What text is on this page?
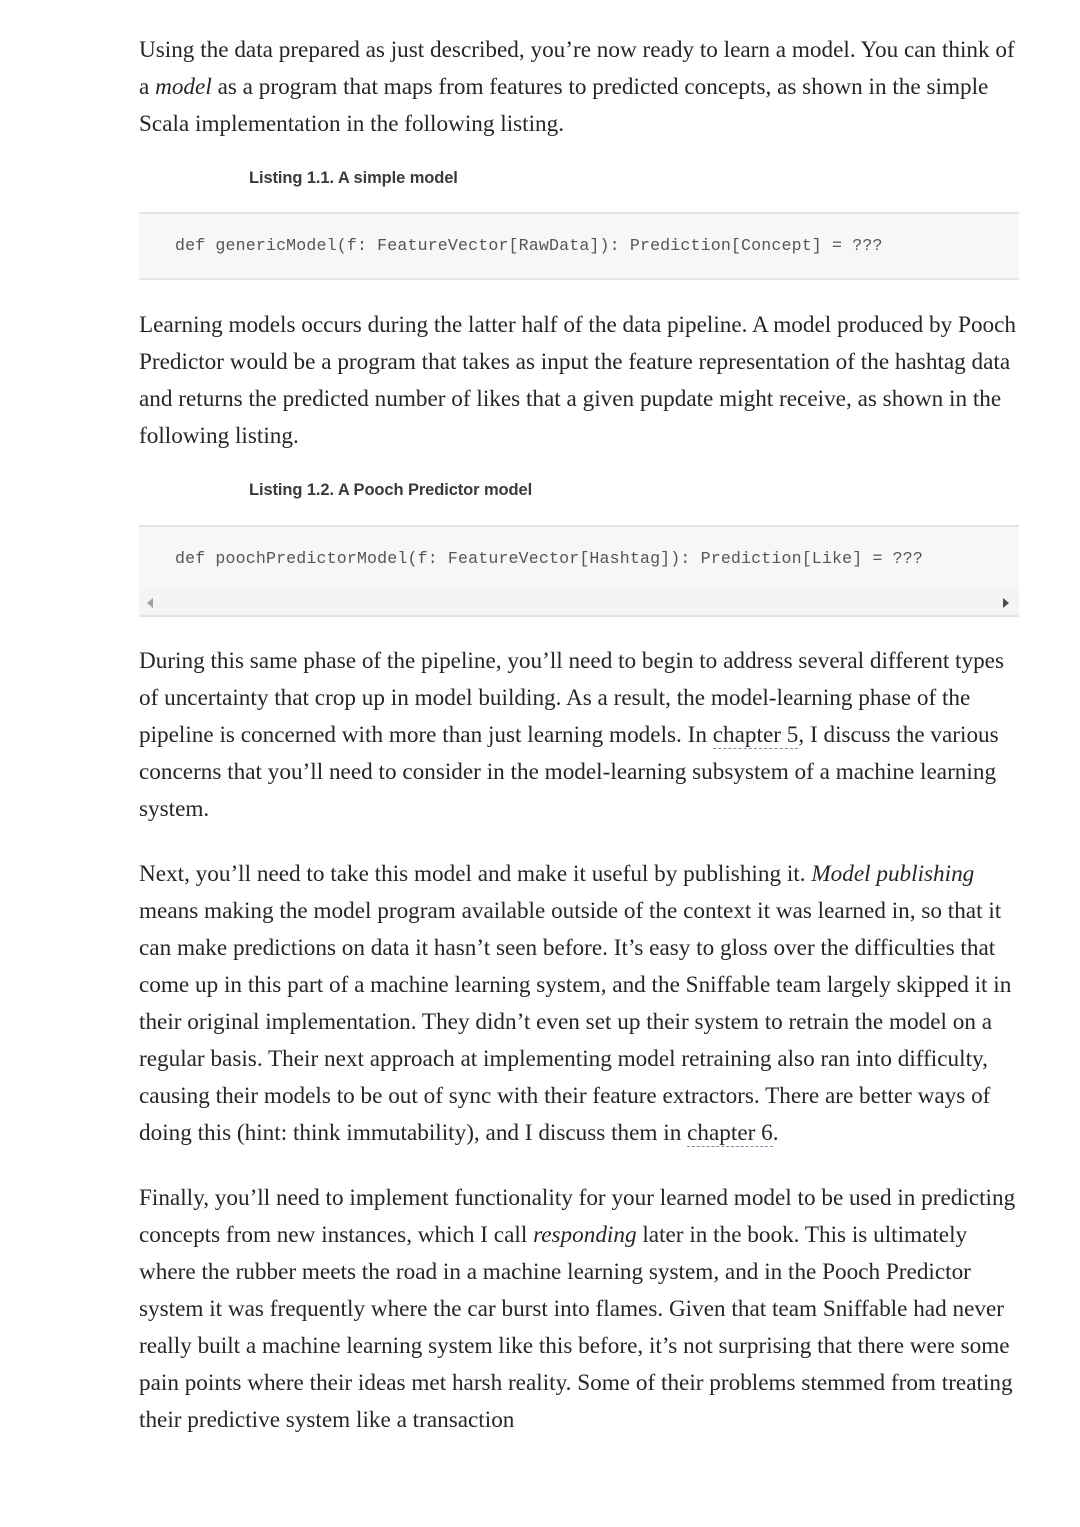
Using the data prepared as just described, you’re now ready to learn a model. You can think of a model as a program that maps from features to predicted concepts, as shown in the simple Scala implementation in the following listing.

Listing 1.1. A simple model

def genericModel(f: FeatureVector[RawData]): Prediction[Concept] = ???

Learning models occurs during the latter half of the data pipeline. A model produced by Pooch Predictor would be a program that takes as input the feature representation of the hashtag data and returns the predicted number of likes that a given pupdate might receive, as shown in the following listing.

Listing 1.2. A Pooch Predictor model

def poochPredictorModel(f: FeatureVector[Hashtag]): Prediction[Like] = ???

During this same phase of the pipeline, you’ll need to begin to address several different types of uncertainty that crop up in model building. As a result, the model-learning phase of the pipeline is concerned with more than just learning models. In chapter 5, I discuss the various concerns that you’ll need to consider in the model-learning subsystem of a machine learning system.

Next, you’ll need to take this model and make it useful by publishing it. Model publishing means making the model program available outside of the context it was learned in, so that it can make predictions on data it hasn’t seen before. It’s easy to gloss over the difficulties that come up in this part of a machine learning system, and the Sniffable team largely skipped it in their original implementation. They didn’t even set up their system to retrain the model on a regular basis. Their next approach at implementing model retraining also ran into difficulty, causing their models to be out of sync with their feature extractors. There are better ways of doing this (hint: think immutability), and I discuss them in chapter 6.

Finally, you’ll need to implement functionality for your learned model to be used in predicting concepts from new instances, which I call responding later in the book. This is ultimately where the rubber meets the road in a machine learning system, and in the Pooch Predictor system it was frequently where the car burst into flames. Given that team Sniffable had never really built a machine learning system like this before, it’s not surprising that there were some pain points where their ideas met harsh reality. Some of their problems stemmed from treating their predictive system like a transaction
